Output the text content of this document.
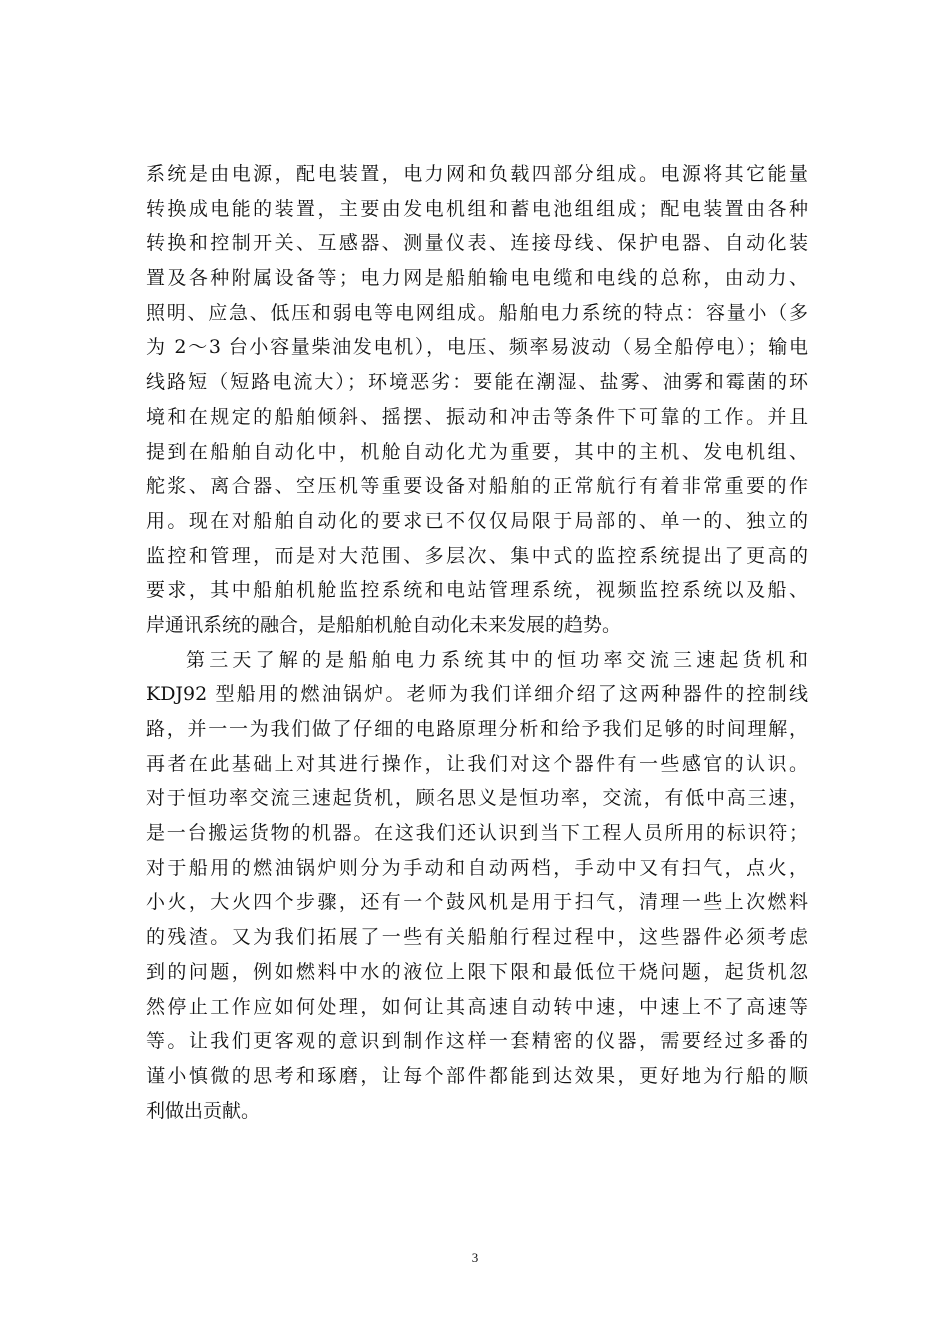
系统是由电源，配电装置，电力网和负载四部分组成。电源将其它能量
转换成电能的装置，主要由发电机组和蓄电池组组成；配电装置由各种
转换和控制开关、互感器、测量仪表、连接母线、保护电器、自动化装
置及各种附属设备等；电力网是船舶输电电缆和电线的总称，由动力、
照明、应急、低压和弱电等电网组成。船舶电力系统的特点：容量小（多
为 2～3 台小容量柴油发电机），电压、频率易波动（易全船停电）；输电
线路短（短路电流大）；环境恶劣：要能在潮湿、盐雾、油雾和霉菌的环
境和在规定的船舶倾斜、摇摆、振动和冲击等条件下可靠的工作。并且
提到在船舶自动化中，机舱自动化尤为重要，其中的主机、发电机组、
舵浆、离合器、空压机等重要设备对船舶的正常航行有着非常重要的作
用。现在对船舶自动化的要求已不仅仅局限于局部的、单一的、独立的
监控和管理，而是对大范围、多层次、集中式的监控系统提出了更高的
要求，其中船舶机舱监控系统和电站管理系统，视频监控系统以及船、
岸通讯系统的融合，是船舶机舱自动化未来发展的趋势。
第三天了解的是船舶电力系统其中的恒功率交流三速起货机和
KDJ92 型船用的燃油锅炉。老师为我们详细介绍了这两种器件的控制线
路，并一一为我们做了仔细的电路原理分析和给予我们足够的时间理解，
再者在此基础上对其进行操作，让我们对这个器件有一些感官的认识。
对于恒功率交流三速起货机，顾名思义是恒功率，交流，有低中高三速，
是一台搬运货物的机器。在这我们还认识到当下工程人员所用的标识符；
对于船用的燃油锅炉则分为手动和自动两档，手动中又有扫气，点火，
小火，大火四个步骤，还有一个鼓风机是用于扫气，清理一些上次燃料
的残渣。又为我们拓展了一些有关船舶行程过程中，这些器件必须考虑
到的问题，例如燃料中水的液位上限下限和最低位干烧问题，起货机忽
然停止工作应如何处理，如何让其高速自动转中速，中速上不了高速等
等。让我们更客观的意识到制作这样一套精密的仪器，需要经过多番的
谨小慎微的思考和琢磨，让每个部件都能到达效果，更好地为行船的顺
利做出贡献。
3
